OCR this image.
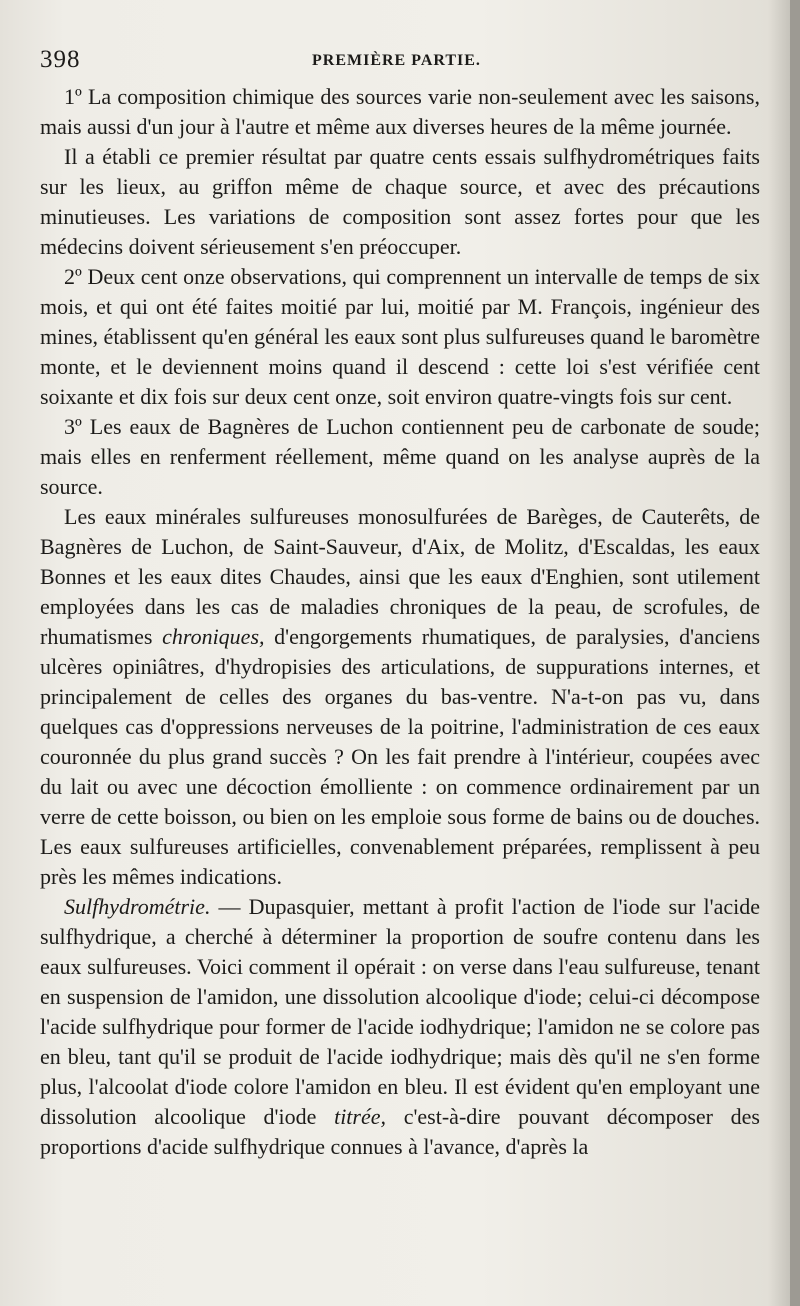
398	PREMIÈRE PARTIE.

1º La composition chimique des sources varie non-seulement avec les saisons, mais aussi d'un jour à l'autre et même aux diverses heures de la même journée.

Il a établi ce premier résultat par quatre cents essais sulfhydrométriques faits sur les lieux, au griffon même de chaque source, et avec des précautions minutieuses. Les variations de composition sont assez fortes pour que les médecins doivent sérieusement s'en préoccuper.

2º Deux cent onze observations, qui comprennent un intervalle de temps de six mois, et qui ont été faites moitié par lui, moitié par M. François, ingénieur des mines, établissent qu'en général les eaux sont plus sulfureuses quand le baromètre monte, et le deviennent moins quand il descend : cette loi s'est vérifiée cent soixante et dix fois sur deux cent onze, soit environ quatre-vingts fois sur cent.

3º Les eaux de Bagnères de Luchon contiennent peu de carbonate de soude; mais elles en renferment réellement, même quand on les analyse auprès de la source.

Les eaux minérales sulfureuses monosulfurées de Barèges, de Cauterêts, de Bagnères de Luchon, de Saint-Sauveur, d'Aix, de Molitz, d'Escaldas, les eaux Bonnes et les eaux dites Chaudes, ainsi que les eaux d'Enghien, sont utilement employées dans les cas de maladies chroniques de la peau, de scrofules, de rhumatismes chroniques, d'engorgements rhumatiques, de paralysies, d'anciens ulcères opiniâtres, d'hydropisies des articulations, de suppurations internes, et principalement de celles des organes du bas-ventre. N'a-t-on pas vu, dans quelques cas d'oppressions nerveuses de la poitrine, l'administration de ces eaux couronnée du plus grand succès ? On les fait prendre à l'intérieur, coupées avec du lait ou avec une décoction émolliente : on commence ordinairement par un verre de cette boisson, ou bien on les emploie sous forme de bains ou de douches. Les eaux sulfureuses artificielles, convenablement préparées, remplissent à peu près les mêmes indications.

Sulfhydrométrie. — Dupasquier, mettant à profit l'action de l'iode sur l'acide sulfhydrique, a cherché à déterminer la proportion de soufre contenu dans les eaux sulfureuses. Voici comment il opérait : on verse dans l'eau sulfureuse, tenant en suspension de l'amidon, une dissolution alcoolique d'iode; celui-ci décompose l'acide sulfhydrique pour former de l'acide iodhydrique; l'amidon ne se colore pas en bleu, tant qu'il se produit de l'acide iodhydrique; mais dès qu'il ne s'en forme plus, l'alcoolat d'iode colore l'amidon en bleu. Il est évident qu'en employant une dissolution alcoolique d'iode titrée, c'est-à-dire pouvant décomposer des proportions d'acide sulfhydrique connues à l'avance, d'après la
